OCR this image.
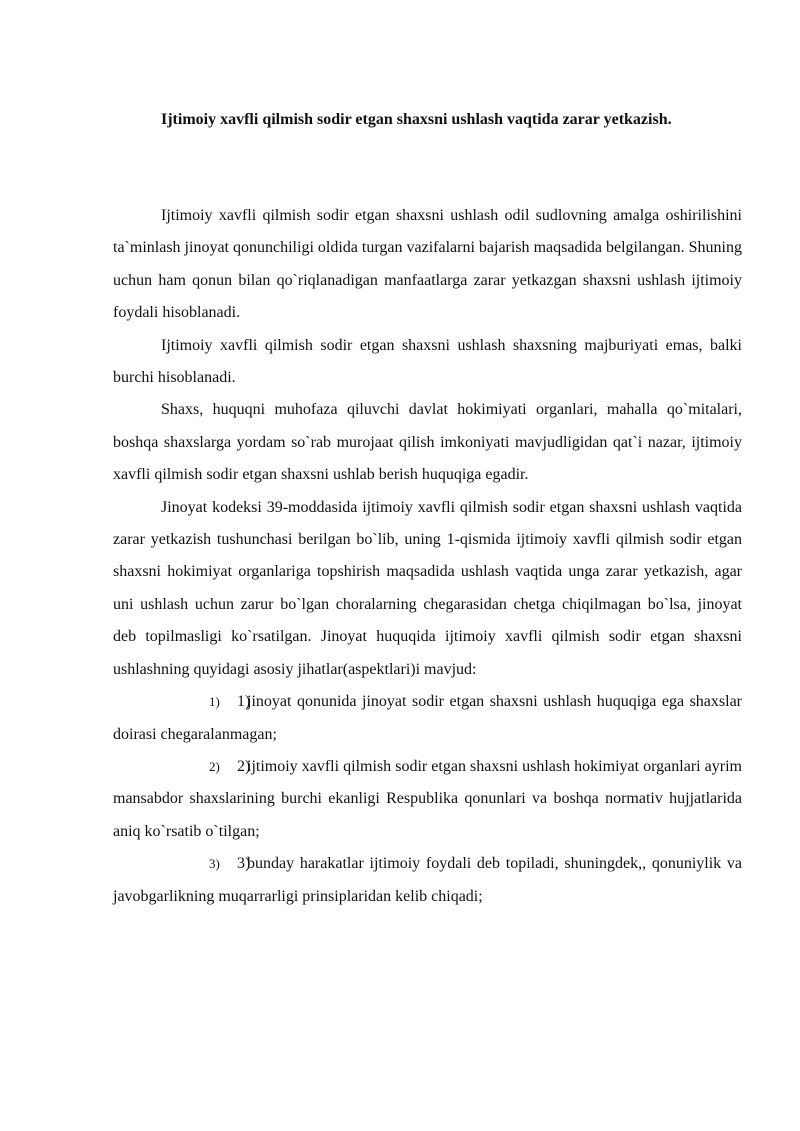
Ijtimoiy xavfli qilmish sodir etgan shaxsni ushlash vaqtida zarar yetkazish.

Ijtimoiy xavfli qilmish sodir etgan shaxsni ushlash odil sudlovning amalga oshirilishini ta`minlash jinoyat qonunchiligi oldida turgan vazifalarni bajarish maqsadida belgilangan. Shuning uchun ham qonun bilan qo`riqlanadigan manfaatlarga zarar yetkazgan shaxsni ushlash ijtimoiy foydali hisoblanadi.

Ijtimoiy xavfli qilmish sodir etgan shaxsni ushlash shaxsning majburiyati emas, balki burchi hisoblanadi.

Shaxs, huquqni muhofaza qiluvchi davlat hokimiyati organlari, mahalla qo`mitalari, boshqa shaxslarga yordam so`rab murojaat qilish imkoniyati mavjudligidan qat`i nazar, ijtimoiy xavfli qilmish sodir etgan shaxsni ushlab berish huquqiga egadir.

Jinoyat kodeksi 39-moddasida ijtimoiy xavfli qilmish sodir etgan shaxsni ushlash vaqtida zarar yetkazish tushunchasi berilgan bo`lib, uning 1-qismida ijtimoiy xavfli qilmish sodir etgan shaxsni hokimiyat organlariga topshirish maqsadida ushlash vaqtida unga zarar yetkazish, agar uni ushlash uchun zarur bo`lgan choralarning chegarasidan chetga chiqilmagan bo`lsa, jinoyat deb topilmasligi ko`rsatilgan. Jinoyat huquqida ijtimoiy xavfli qilmish sodir etgan shaxsni ushlashning quyidagi asosiy jihatlar(aspektlari)i mavjud:

1) 1)jinoyat qonunida jinoyat sodir etgan shaxsni ushlash huquqiga ega shaxslar doirasi chegaralanmagan;

2) 2)ijtimoiy xavfli qilmish sodir etgan shaxsni ushlash hokimiyat organlari ayrim mansabdor shaxslarining burchi ekanligi Respublika qonunlari va boshqa normativ hujjatlarida aniq ko`rsatib o`tilgan;

3) 3)bunday harakatlar ijtimoiy foydali deb topiladi, shuningdek,, qonuniylik va javobgarlikning muqarrarligi prinsiplaridan kelib chiqadi;
